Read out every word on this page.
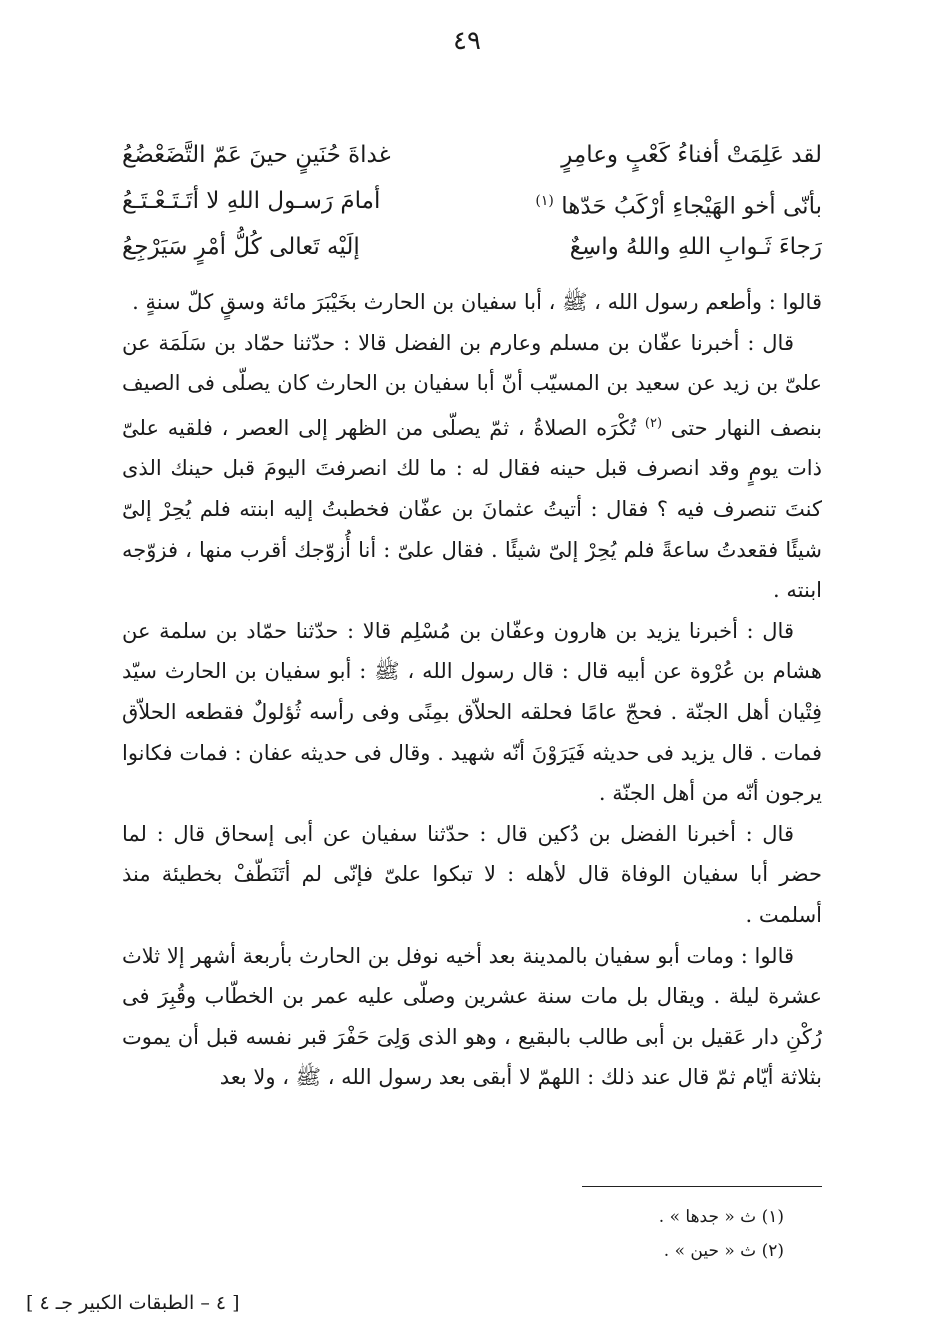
٤٩
لقد عَلِمَتْ أفناءُ كَعْبٍ وعامِرٍ
غداةَ حُنَينٍ حينَ عَمّ التَّضَعْضُعُ
بأنّى أخو الهَيْجاءِ أرْكَبُ حَدّها $^{(١)}$
أمامَ رَسـول اللهِ لا أتَـتَـعْـتَـعُ
رَجاءَ ثَـوابِ اللهِ واللهُ واسِعٌ
إلَيْه تَعالى كُلُّ أمْرٍ سَيَرْجِعُ

قالوا : وأطعم رسول الله ، ﷺ ، أبا سفيان بن الحارث بخَيْبَرَ مائة وسقٍ كلّ سنةٍ .

قال : أخبرنا عفّان بن مسلم وعارم بن الفضل قالا : حدّثنا حمّاد بن سَلَمَة عن علىّ بن زيد عن سعيد بن المسيّب أنّ أبا سفيان بن الحارث كان يصلّى فى الصيف بنصف النهار حتى $^{(٢)}$ تُكْرَه الصلاةُ ، ثمّ يصلّى من الظهر إلى العصر ، فلقيه علىّ ذات يومٍ وقد انصرف قبل حينه فقال له : ما لك انصرفتَ اليومَ قبل حينك الذى كنتَ تنصرف فيه ؟ فقال : أتيتُ عثمانَ بن عفّان فخطبتُ إليه ابنته فلم يُحِرْ إلىّ شيئًا فقعدتُ ساعةً فلم يُحِرْ إلىّ شيئًا . فقال علىّ : أنا أُزوّجك أقرب منها ، فزوّجه ابنته .

قال : أخبرنا يزيد بن هارون وعفّان بن مُسْلِم قالا : حدّثنا حمّاد بن سلمة عن هشام بن عُرْوة عن أبيه قال : قال رسول الله ، ﷺ : أبو سفيان بن الحارث سيّد فِتْيان أهل الجنّة . فحجّ عامًا فحلقه الحلاّق بمِنًى وفى رأسه ثُؤلولٌ فقطعه الحلاّق فمات . قال يزيد فى حديثه فَيَرَوْنَ أنّه شهيد . وقال فى حديثه عفان : فمات فكانوا يرجون أنّه من أهل الجنّة .

قال : أخبرنا الفضل بن دُكين قال : حدّثنا سفيان عن أبى إسحاق قال : لما حضر أبا سفيان الوفاة قال لأهله : لا تبكوا علىّ فإنّى لم أتَنَطّفْ بخطيئة منذ أسلمت .

قالوا : ومات أبو سفيان بالمدينة بعد أخيه نوفل بن الحارث بأربعة أشهر إلا ثلاث عشرة ليلة . ويقال بل مات سنة عشرين وصلّى عليه عمر بن الخطّاب وقُبِرَ فى رُكْنِ دار عَقيل بن أبى طالب بالبقيع ، وهو الذى وَلِىَ حَفْرَ قبر نفسه قبل أن يموت بثلاثة أيّام ثمّ قال عند ذلك : اللهمّ لا أبقى بعد رسول الله ، ﷺ ، ولا بعد

(١) ث « جدها » .
(٢) ث « حين » .
[ ٤ – الطبقات الكبير جـ ٤ ]
